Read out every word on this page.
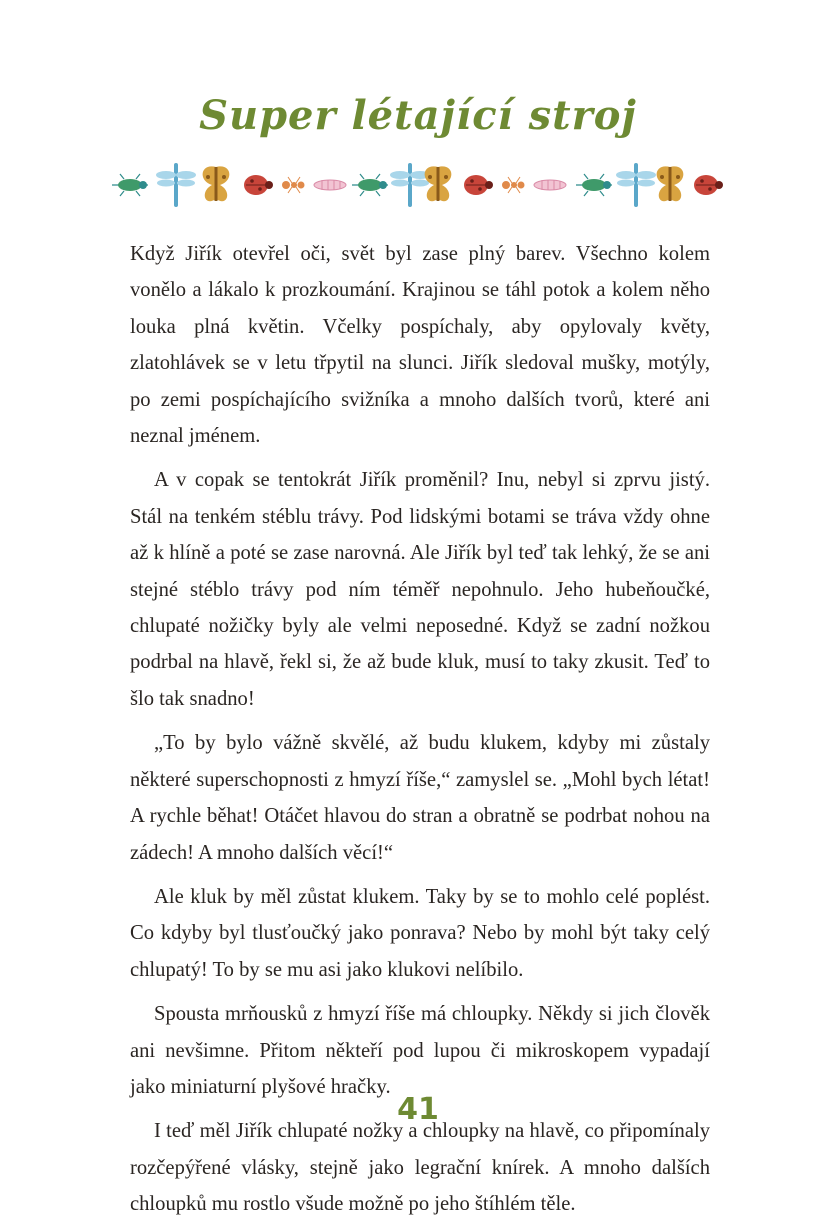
Super létající stroj

Když Jiřík otevřel oči, svět byl zase plný barev. Všechno kolem vonělo a lákalo k prozkoumání. Krajinou se táhl potok a kolem něho louka plná květin. Včelky pospíchaly, aby opylovaly květy, zlatohlávek se v letu třpytil na slunci. Jiřík sledoval mušky, motýly, po zemi pospíchajícího svižníka a mnoho dalších tvorů, které ani neznal jménem.

A v copak se tentokrát Jiřík proměnil? Inu, nebyl si zprvu jistý. Stál na tenkém stéblu trávy. Pod lidskými botami se tráva vždy ohne až k hlíně a poté se zase narovná. Ale Jiřík byl teď tak lehký, že se ani stejné stéblo trávy pod ním téměř nepohnulo. Jeho hubeňoučké, chlupaté nožičky byly ale velmi neposedné. Když se zadní nožkou podrbal na hlavě, řekl si, že až bude kluk, musí to taky zkusit. Teď to šlo tak snadno!

„To by bylo vážně skvělé, až budu klukem, kdyby mi zůstaly některé superschopnosti z hmyzí říše,“ zamyslel se. „Mohl bych létat! A rychle běhat! Otáčet hlavou do stran a obratně se podrbat nohou na zádech! A mnoho dalších věcí!“

Ale kluk by měl zůstat klukem. Taky by se to mohlo celé poplést. Co kdyby byl tlusťoučký jako ponrava? Nebo by mohl být taky celý chlupatý! To by se mu asi jako klukovi nelíbilo.

Spousta mrňousků z hmyzí říše má chloupky. Někdy si jich člověk ani nevšimne. Přitom někteří pod lupou či mikroskopem vypadají jako miniaturní plyšové hračky.

I teď měl Jiřík chlupaté nožky a chloupky na hlavě, co připomínaly rozčepýřené vlásky, stejně jako legrační knírek. A mnoho dalších chloupků mu rostlo všude možně po jeho štíhlém těle.

41
